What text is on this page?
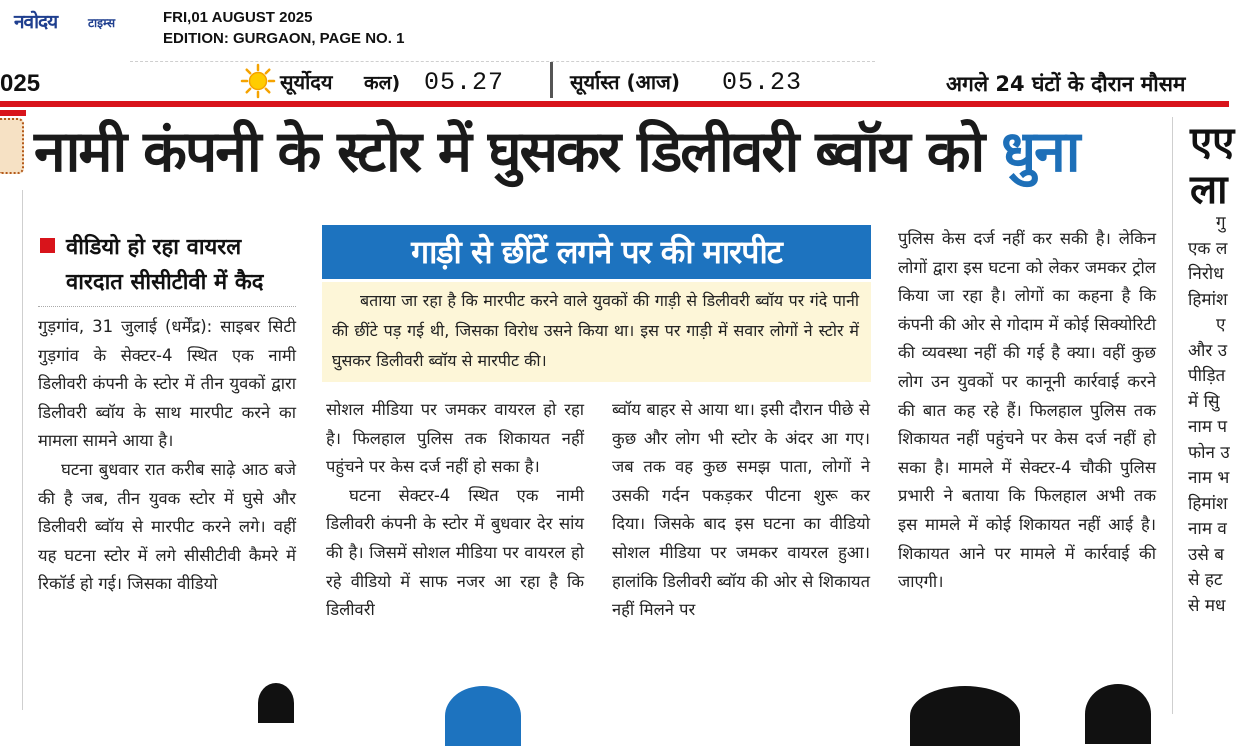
नवोदय	टाइम्स	FRI,01 AUGUST 2025
EDITION: GURGAON, PAGE NO. 1
025	सूर्योदय कल) 05.27	सूर्यास्त (आज) 05.23	अगले 24 घंटों के दौरान मौसम
नामी कंपनी के स्टोर में घुसकर डिलीवरी ब्वॉय को धुना	एए
ला
गु
एक ल
निरोध
हिमांश
ए
और उ
पीड़ित
में सुि
नाम प
फोन उ
नाम भ
हिमांश
नाम व
उसे ब
से हट
से मध
वीडियो हो रहा वायरल
वारदात सीसीटीवी में कैद

गुड़गांव, 31 जुलाई (धर्मेंद्र): साइबर सिटी गुड़गांव के सेक्टर-4 स्थित एक नामी डिलीवरी कंपनी के स्टोर में तीन युवकों द्वारा डिलीवरी ब्वॉय के साथ मारपीट करने का मामला सामने आया है।

घटना बुधवार रात करीब साढ़े आठ बजे की है जब, तीन युवक स्टोर में घुसे और डिलीवरी ब्वॉय से मारपीट करने लगे। वहीं यह घटना स्टोर में लगे सीसीटीवी कैमरे में रिकॉर्ड हो गई। जिसका वीडियो

गाड़ी से छींटें लगने पर की मारपीट
बताया जा रहा है कि मारपीट करने वाले युवकों की गाड़ी से डिलीवरी ब्वॉय पर गंदे पानी की छींटे पड़ गई थी, जिसका विरोध उसने किया था। इस पर गाड़ी में सवार लोगों ने स्टोर में घुसकर डिलीवरी ब्वॉय से मारपीट की।

सोशल मीडिया पर जमकर वायरल हो रहा है। फिलहाल पुलिस तक शिकायत नहीं पहुंचने पर केस दर्ज नहीं हो सका है।

घटना सेक्टर-4 स्थित एक नामी डिलीवरी कंपनी के स्टोर में बुधवार देर सांय की है। जिसमें सोशल मीडिया पर वायरल हो रहे वीडियो में साफ नजर आ रहा है कि डिलीवरी

ब्वॉय बाहर से आया था। इसी दौरान पीछे से कुछ और लोग भी स्टोर के अंदर आ गए। जब तक वह कुछ समझ पाता, लोगों ने उसकी गर्दन पकड़कर पीटना शुरू कर दिया। जिसके बाद इस घटना का वीडियो सोशल मीडिया पर जमकर वायरल हुआ। हालांकि डिलीवरी ब्वॉय की ओर से शिकायत नहीं मिलने पर

पुलिस केस दर्ज नहीं कर सकी है। लेकिन लोगों द्वारा इस घटना को लेकर जमकर ट्रोल किया जा रहा है। लोगों का कहना है कि कंपनी की ओर से गोदाम में कोई सिक्योरिटी की व्यवस्था नहीं की गई है क्या। वहीं कुछ लोग उन युवकों पर कानूनी कार्रवाई करने की बात कह रहे हैं। फिलहाल पुलिस तक शिकायत नहीं पहुंचने पर केस दर्ज नहीं हो सका है। मामले में सेक्टर-4 चौकी पुलिस प्रभारी ने बताया कि फिलहाल अभी तक इस मामले में कोई शिकायत नहीं आई है। शिकायत आने पर मामले में कार्रवाई की जाएगी।
